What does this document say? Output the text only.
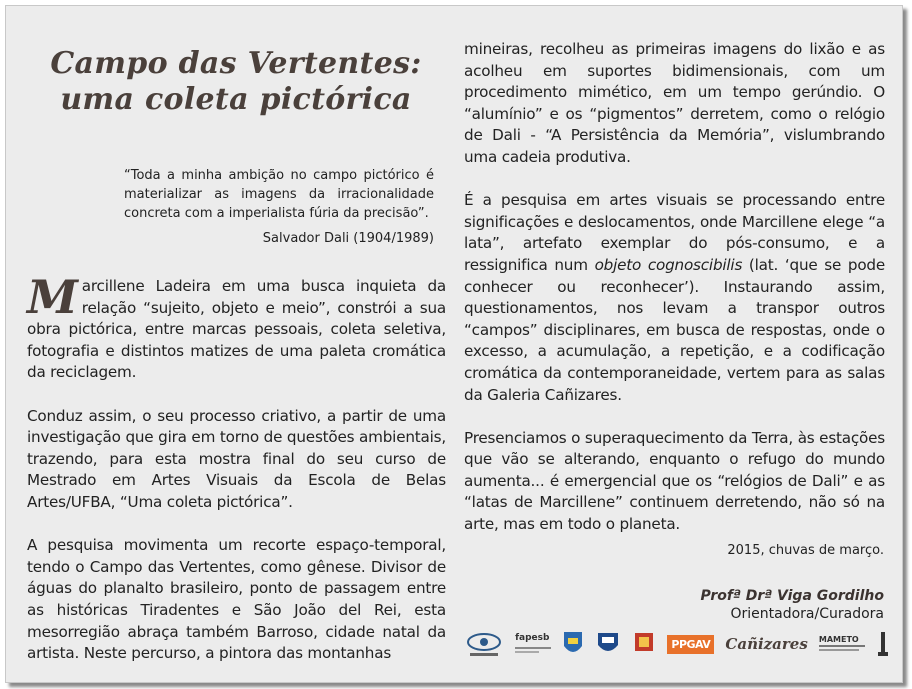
Campo das Vertentes:
uma coleta pictórica
“Toda a minha ambição no campo pictórico é materializar as imagens da irracionalidade concreta com a imperialista fúria da precisão”.
Salvador Dali (1904/1989)

Marcillene Ladeira em uma busca inquieta da relação “sujeito, objeto e meio”, constrói a sua obra pictórica, entre marcas pessoais, coleta seletiva, fotografia e distintos matizes de uma paleta cromática da reciclagem.

Conduz assim, o seu processo criativo, a partir de uma investigação que gira em torno de questões ambientais, trazendo, para esta mostra final do seu curso de Mestrado em Artes Visuais da Escola de Belas Artes/UFBA, “Uma coleta pictórica”.

A pesquisa movimenta um recorte espaço-temporal, tendo o Campo das Vertentes, como gênese. Divisor de águas do planalto brasileiro, ponto de passagem entre as históricas Tiradentes e São João del Rei, esta mesorregião abraça também Barroso, cidade natal da artista. Neste percurso, a pintora das montanhas

mineiras, recolheu as primeiras imagens do lixão e as acolheu em suportes bidimensionais, com um procedimento mimético, em um tempo gerúndio. O “alumínio” e os “pigmentos” derretem, como o relógio de Dali - “A Persistência da Memória”, vislumbrando uma cadeia produtiva.

É a pesquisa em artes visuais se processando entre significações e deslocamentos, onde Marcillene elege “a lata”, artefato exemplar do pós-consumo, e a ressignifica num objeto cognoscibilis (lat. ‘que se pode conhecer ou reconhecer’). Instaurando assim, questionamentos, nos levam a transpor outros “campos” disciplinares, em busca de respostas, onde o excesso, a acumulação, a repetição, e a codificação cromática da contemporaneidade, vertem para as salas da Galeria Cañizares.

Presenciamos o superaquecimento da Terra, às estações que vão se alterando, enquanto o refugo do mundo aumenta... é emergencial que os “relógios de Dali” e as “latas de Marcillene” continuem derretendo, não só na arte, mas em todo o planeta.

2015, chuvas de março.
Profª Drª Viga Gordilho
Orientadora/Curadora
fapesb	PPGAV Cañizares MAMETO
